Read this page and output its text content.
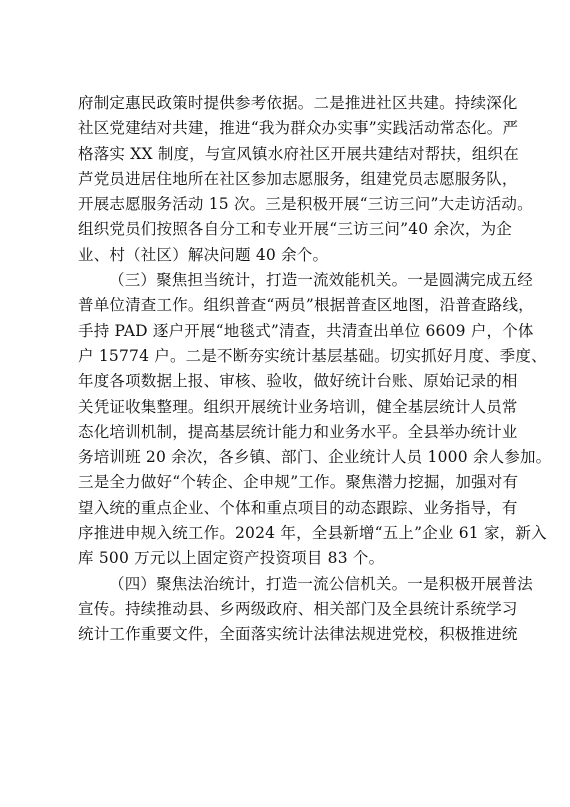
府制定惠民政策时提供参考依据。二是推进社区共建。持续深化
社区党建结对共建，推进“我为群众办实事”实践活动常态化。严
格落实 XX 制度，与宣风镇水府社区开展共建结对帮扶，组织在
芦党员进居住地所在社区参加志愿服务，组建党员志愿服务队，
开展志愿服务活动 15 次。三是积极开展“三访三问”大走访活动。
组织党员们按照各自分工和专业开展“三访三问”40 余次，为企
业、村（社区）解决问题 40 余个。
（三）聚焦担当统计，打造一流效能机关。一是圆满完成五经
普单位清查工作。组织普查“两员”根据普查区地图，沿普查路线，
手持 PAD 逐户开展“地毯式”清查，共清查出单位 6609 户，个体
户 15774 户。二是不断夯实统计基层基础。切实抓好月度、季度、
年度各项数据上报、审核、验收，做好统计台账、原始记录的相
关凭证收集整理。组织开展统计业务培训，健全基层统计人员常
态化培训机制，提高基层统计能力和业务水平。全县举办统计业
务培训班 20 余次，各乡镇、部门、企业统计人员 1000 余人参加。
三是全力做好“个转企、企申规”工作。聚焦潜力挖掘，加强对有
望入统的重点企业、个体和重点项目的动态跟踪、业务指导，有
序推进申规入统工作。2024 年，全县新增“五上”企业 61 家，新入
库 500 万元以上固定资产投资项目 83 个。
（四）聚焦法治统计，打造一流公信机关。一是积极开展普法
宣传。持续推动县、乡两级政府、相关部门及全县统计系统学习
统计工作重要文件，全面落实统计法律法规进党校，积极推进统
